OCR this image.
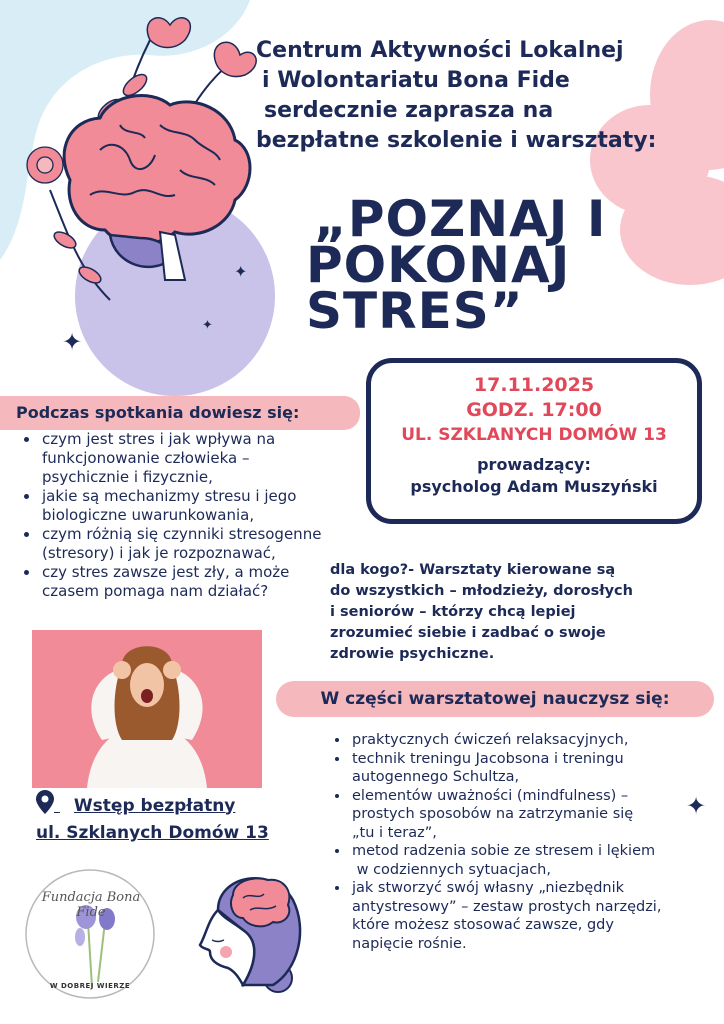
✦
✦
✦
✦
Centrum Aktywności Lokalnej
i Wolontariatu Bona Fide
serdecznie zaprasza na
bezpłatne szkolenie i warsztaty:
„POZNAJ I
POKONAJ
STRES”
17.11.2025
GODZ. 17:00
UL. SZKLANYCH DOMÓW 13
prowadzący:
psycholog Adam Muszyński
Podczas spotkania dowiesz się:
• czym jest stres i jak wpływa na
funkcjonowanie człowieka –
psychicznie i fizycznie,
• jakie są mechanizmy stresu i jego
biologiczne uwarunkowania,
• czym różnią się czynniki stresogenne
(stresory) i jak je rozpoznawać,
• czy stres zawsze jest zły, a może
czasem pomaga nam działać?
dla kogo?- Warsztaty kierowane są
do wszystkich – młodzieży, dorosłych
i seniorów – którzy chcą lepiej
zrozumieć siebie i zadbać o swoje
zdrowie psychiczne.
W części warsztatowej nauczysz się:
• praktycznych ćwiczeń relaksacyjnych,
• technik treningu Jacobsona i treningu
autogennego Schultza,
• elementów uważności (mindfulness) –
prostych sposobów na zatrzymanie się
„tu i teraz”,
• metod radzenia sobie ze stresem i lękiem
w codziennych sytuacjach,
• jak stworzyć swój własny „niezbędnik
antystresowy” – zestaw prostych narzędzi,
które możesz stosować zawsze, gdy
napięcie rośnie.
Wstęp bezpłatny
ul. Szklanych Domów 13
Fundacja Bona Fide
W DOBREJ WIERZE
